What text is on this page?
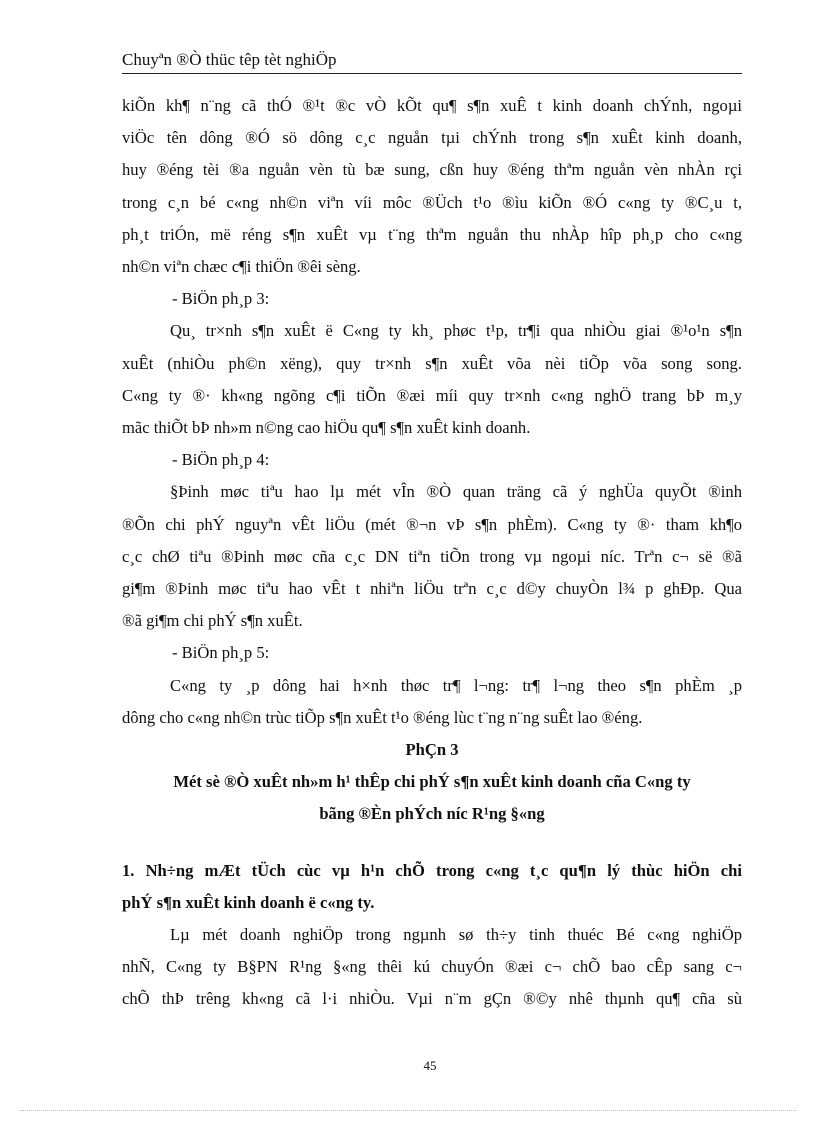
Chuyªn ®Ò thüc têp tèt nghiÖp

kiÕn kh¶ n¨ng cã thÓ ®¹t ®c vÒ kÕt qu¶ s¶n xuÊ t kinh doanh chÝnh, ngoµi

viÖc tên dông ®Ó sö dông c¸c nguån tµi chÝnh trong s¶n xuÊt kinh doanh,

huy ®éng tèi ®a nguån vèn tù bæ sung, cßn huy ®éng thªm nguån vèn nhÀn rçi

trong c¸n bé c«ng nh©n viªn víi môc ®Üch t¹o ®ìu kiÕn ®Ó c«ng ty ®C¸u t,

ph¸t triÓn, më réng s¶n xuÊt vµ t¨ng thªm nguån thu nhÀp hîp ph¸p cho c«ng

nh©n viªn chæc c¶i thiÖn ®êi sèng.

- BiÖn ph¸p 3:

Qu¸ tr×nh s¶n xuÊt ë C«ng ty kh¸ phøc t¹p, tr¶i qua nhiÒu giai ®¹o¹n s¶n

xuÊt (nhiÒu ph©n xëng), quy tr×nh s¶n xuÊt võa nèi tiÕp võa song song.

C«ng ty ®· kh«ng ngõng c¶i tiÕn ®æi míi quy tr×nh c«ng nghÖ trang bÞ m¸y

mãc thiÕt bÞ nh»m n©ng cao hiÖu qu¶ s¶n xuÊt kinh doanh.

- BiÖn ph¸p 4:

§Þinh møc tiªu hao lµ mét vÎn ®Ò quan träng cã ý nghÜa quyÕt ®inh

®Õn chi phÝ nguyªn vÊt liÖu (mét ®¬n vÞ s¶n phÈm). C«ng ty ®· tham kh¶o

c¸c chØ tiªu ®Þinh møc cña c¸c DN tiªn tiÕn trong vµ ngoµi níc. Trªn c¬ së ®ã

gi¶m ®Þinh møc tiªu hao vÊt t nhiªn liÖu trªn c¸c d©y chuyÒn l¾ p ghÐp. Qua

®ã gi¶m chi phÝ s¶n xuÊt.

- BiÖn ph¸p 5:

C«ng ty ¸p dông hai h×nh thøc tr¶ l¬ng: tr¶ l¬ng theo s¶n phÈm ¸p

dông cho c«ng nh©n trùc tiÕp s¶n xuÊt t¹o ®éng lùc t¨ng n¨ng suÊt lao ®éng.

PhÇn 3

Mét sè ®Ò xuÊt nh»m h¹ thÊp chi phÝ s¶n xuÊt kinh doanh cña C«ng ty

bãng ®Èn phÝch níc R¹ng §«ng

1. Nh÷ng mÆt tÜch cùc vµ h¹n chÕ trong c«ng t¸c qu¶n lý thùc hiÖn chi

phÝ s¶n xuÊt kinh doanh ë c«ng ty.

Lµ mét doanh nghiÖp trong ngµnh sø th÷y tinh thuéc Bé c«ng nghiÖp

nhÑ, C«ng ty B§PN R¹ng §«ng thêi kú chuyÓn ®æi c¬ chÕ bao cÊp sang c¬

chÕ thÞ trêng kh«ng cã l·i nhiÒu. Vµi n¨m gÇn ®©y nhê thµnh qu¶ cña sù

45
